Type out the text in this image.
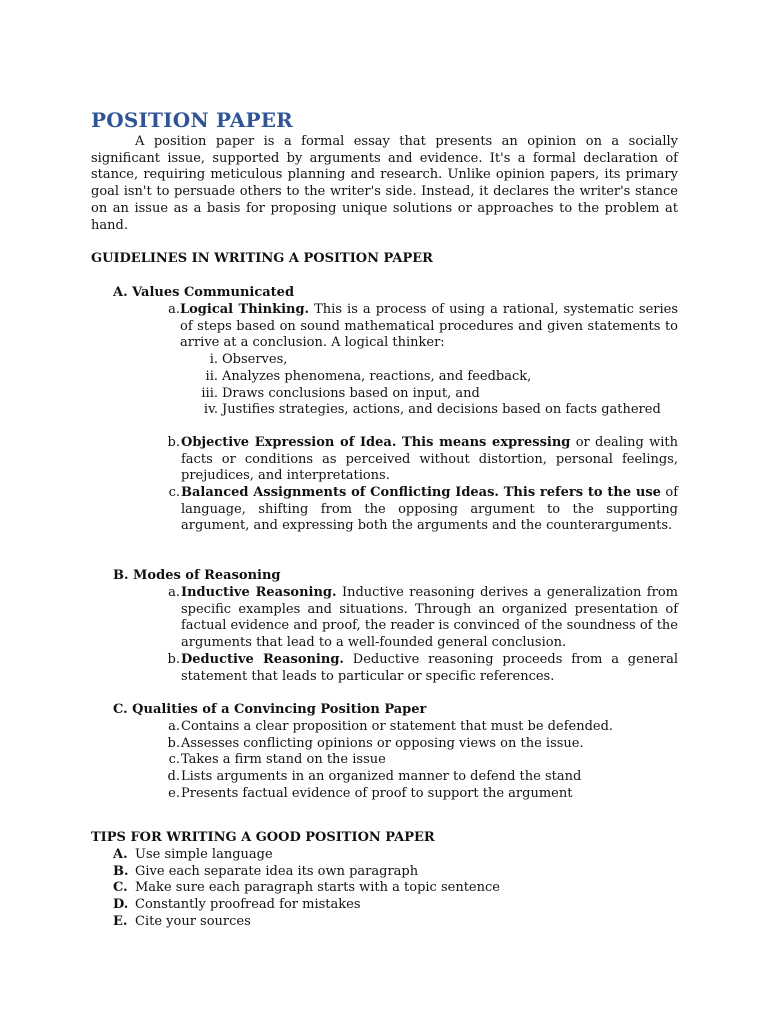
POSITION PAPER

A position paper is a formal essay that presents an opinion on a socially significant issue, supported by arguments and evidence. It's a formal declaration of stance, requiring meticulous planning and research. Unlike opinion papers, its primary goal isn't to persuade others to the writer's side. Instead, it declares the writer's stance on an issue as a basis for proposing unique solutions or approaches to the problem at hand.

GUIDELINES IN WRITING A POSITION PAPER
A. Values Communicated
a. Logical Thinking. This is a process of using a rational, systematic series of steps based on sound mathematical procedures and given statements to arrive at a conclusion. A logical thinker:
i. Observes,
ii. Analyzes phenomena, reactions, and feedback,
iii. Draws conclusions based on input, and
iv. Justifies strategies, actions, and decisions based on facts gathered
b. Objective Expression of Idea. This means expressing or dealing with facts or conditions as perceived without distortion, personal feelings, prejudices, and interpretations.
c. Balanced Assignments of Conflicting Ideas. This refers to the use of language, shifting from the opposing argument to the supporting argument, and expressing both the arguments and the counterarguments.
B. Modes of Reasoning
a. Inductive Reasoning. Inductive reasoning derives a generalization from specific examples and situations. Through an organized presentation of factual evidence and proof, the reader is convinced of the soundness of the arguments that lead to a well-founded general conclusion.
b. Deductive Reasoning. Deductive reasoning proceeds from a general statement that leads to particular or specific references.
C. Qualities of a Convincing Position Paper
a. Contains a clear proposition or statement that must be defended.
b. Assesses conflicting opinions or opposing views on the issue.
c. Takes a firm stand on the issue
d. Lists arguments in an organized manner to defend the stand
e. Presents factual evidence of proof to support the argument
TIPS FOR WRITING A GOOD POSITION PAPER
A. Use simple language
B. Give each separate idea its own paragraph
C. Make sure each paragraph starts with a topic sentence
D. Constantly proofread for mistakes
E. Cite your sources
